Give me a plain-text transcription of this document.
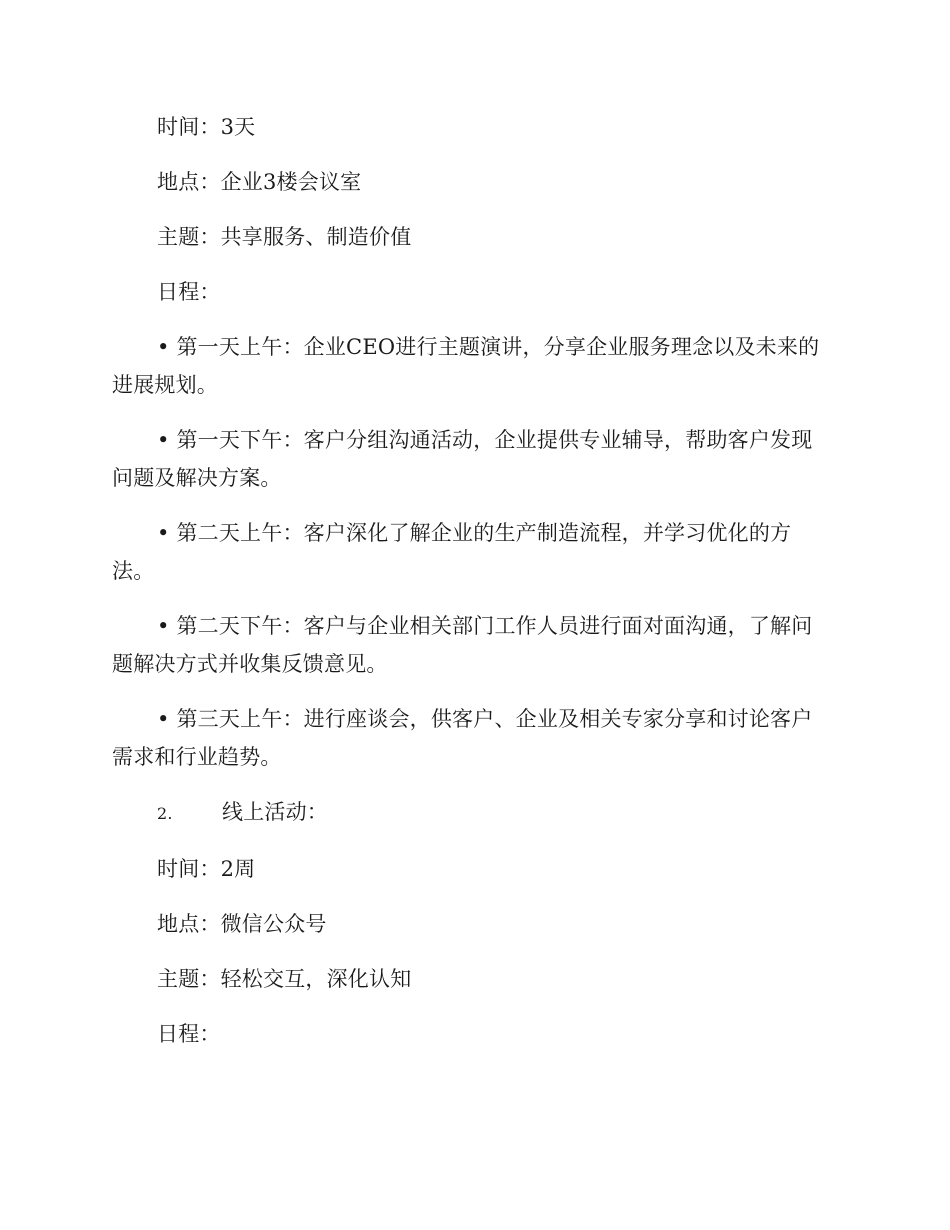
时间：3天

地点：企业3楼会议室

主题：共享服务、制造价值

日程：

• 第一天上午：企业CEO进行主题演讲，分享企业服务理念以及未来的进展规划。

• 第一天下午：客户分组沟通活动，企业提供专业辅导，帮助客户发现问题及解决方案。

• 第二天上午：客户深化了解企业的生产制造流程，并学习优化的方法。

• 第二天下午：客户与企业相关部门工作人员进行面对面沟通，了解问题解决方式并收集反馈意见。

• 第三天上午：进行座谈会，供客户、企业及相关专家分享和讨论客户需求和行业趋势。

2. 线上活动：

时间：2周

地点：微信公众号

主题：轻松交互，深化认知

日程：
